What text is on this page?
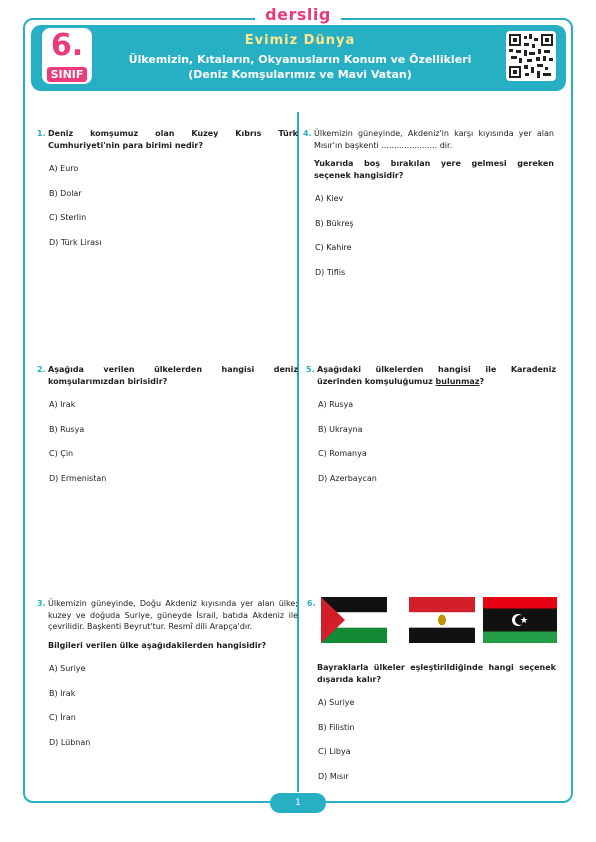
derslig
6.
SINIF
Evimiz Dünya
Ülkemizin, Kıtaların, Okyanusların Konum ve Özellikleri
(Deniz Komşularımız ve Mavi Vatan)
1. Deniz komşumuz olan Kuzey Kıbrıs Türk Cumhuriyeti'nin para birimi nedir?
A) Euro
B) Dolar
C) Sterlin
D) Türk Lirası
2. Aşağıda verilen ülkelerden hangisi deniz komşularımızdan birisidir?
A) Irak
B) Rusya
C) Çin
D) Ermenistan
3. Ülkemizin güneyinde, Doğu Akdeniz kıyısında yer alan ülke; kuzey ve doğuda Suriye, güneyde İsrail, batıda Akdeniz ile çevrilidir. Başkenti Beyrut'tur. Resmî dili Arapça'dır.
Bilgileri verilen ülke aşağıdakilerden hangisidir?
A) Suriye
B) Irak
C) İran
D) Lübnan
4. Ülkemizin güneyinde, Akdeniz'in karşı kıyısında yer alan Mısır'ın başkenti ...................... dir.
Yukarıda boş bırakılan yere gelmesi gereken seçenek hangisidir?
A) Kiev
B) Bükreş
C) Kahire
D) Tiflis
5. Aşağıdaki ülkelerden hangisi ile Karadeniz üzerinden komşuluğumuz bulunmaz?
A) Rusya
B) Ukrayna
C) Romanya
D) Azerbaycan
6.
Bayraklarla ülkeler eşleştirildiğinde hangi seçenek dışarıda kalır?
A) Suriye
B) Filistin
C) Libya
D) Mısır
1
